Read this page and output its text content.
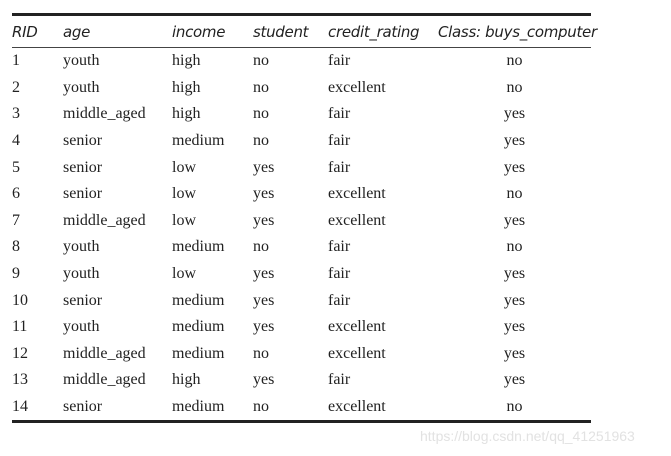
RID	age	income	student	credit_rating	Class: buys_computer
1	youth	high	no	fair	no
2	youth	high	no	excellent	no
3	middle_aged	high	no	fair	yes
4	senior	medium	no	fair	yes
5	senior	low	yes	fair	yes
6	senior	low	yes	excellent	no
7	middle_aged	low	yes	excellent	yes
8	youth	medium	no	fair	no
9	youth	low	yes	fair	yes
10	senior	medium	yes	fair	yes
11	youth	medium	yes	excellent	yes
12	middle_aged	medium	no	excellent	yes
13	middle_aged	high	yes	fair	yes
14	senior	medium	no	excellent	no
https://blog.csdn.net/qq_41251963
